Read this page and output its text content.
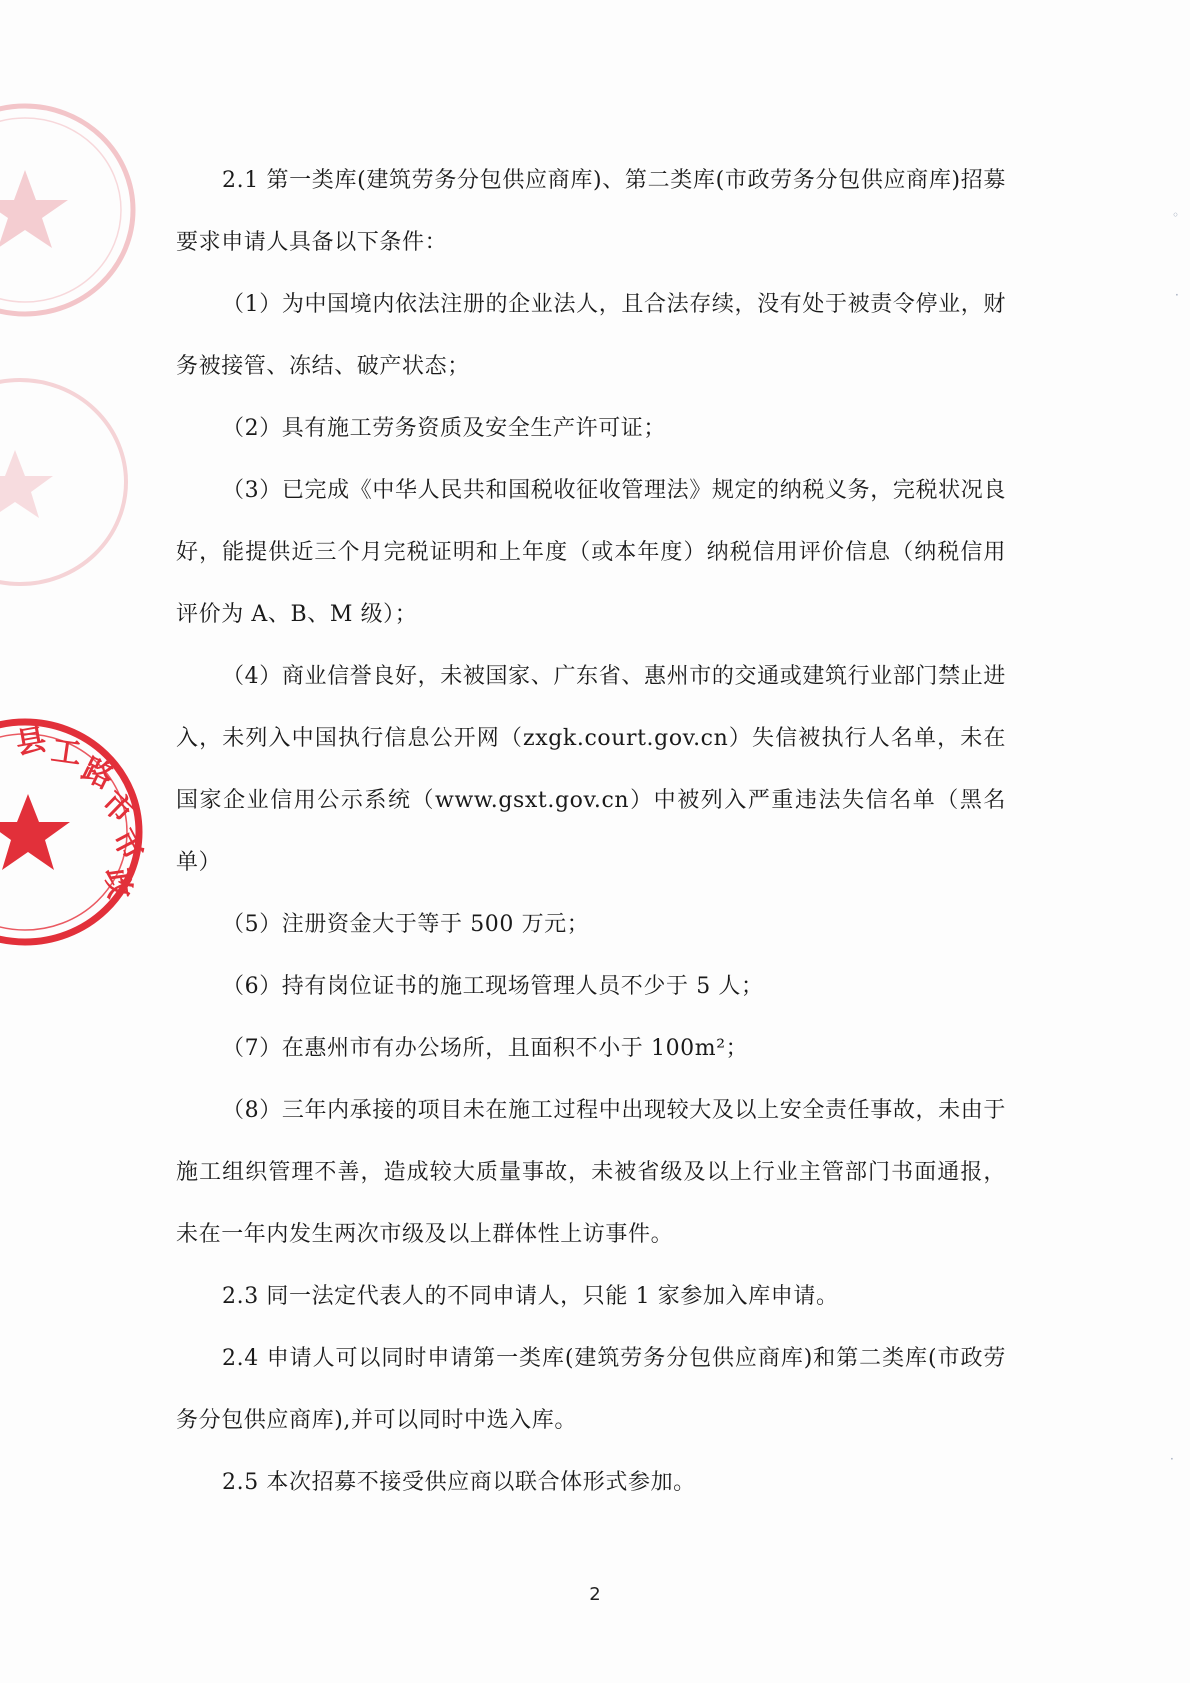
县 工
路
市
市
政
◦
·
·

2.1 第一类库(建筑劳务分包供应商库)、第二类库(市政劳务分包供应商库)招募要求申请人具备以下条件：

（1）为中国境内依法注册的企业法人，且合法存续，没有处于被责令停业，财务被接管、冻结、破产状态；

（2）具有施工劳务资质及安全生产许可证；

（3）已完成《中华人民共和国税收征收管理法》规定的纳税义务，完税状况良好，能提供近三个月完税证明和上年度（或本年度）纳税信用评价信息（纳税信用评价为 A、B、M 级）；

（4）商业信誉良好，未被国家、广东省、惠州市的交通或建筑行业部门禁止进入，未列入中国执行信息公开网（zxgk.court.gov.cn）失信被执行人名单，未在国家企业信用公示系统（www.gsxt.gov.cn）中被列入严重违法失信名单（黑名单）

（5）注册资金大于等于 500 万元；

（6）持有岗位证书的施工现场管理人员不少于 5 人；

（7）在惠州市有办公场所，且面积不小于 100m²；

（8）三年内承接的项目未在施工过程中出现较大及以上安全责任事故，未由于施工组织管理不善，造成较大质量事故，未被省级及以上行业主管部门书面通报，未在一年内发生两次市级及以上群体性上访事件。

2.3 同一法定代表人的不同申请人，只能 1 家参加入库申请。

2.4 申请人可以同时申请第一类库(建筑劳务分包供应商库)和第二类库(市政劳务分包供应商库),并可以同时中选入库。

2.5 本次招募不接受供应商以联合体形式参加。

2
